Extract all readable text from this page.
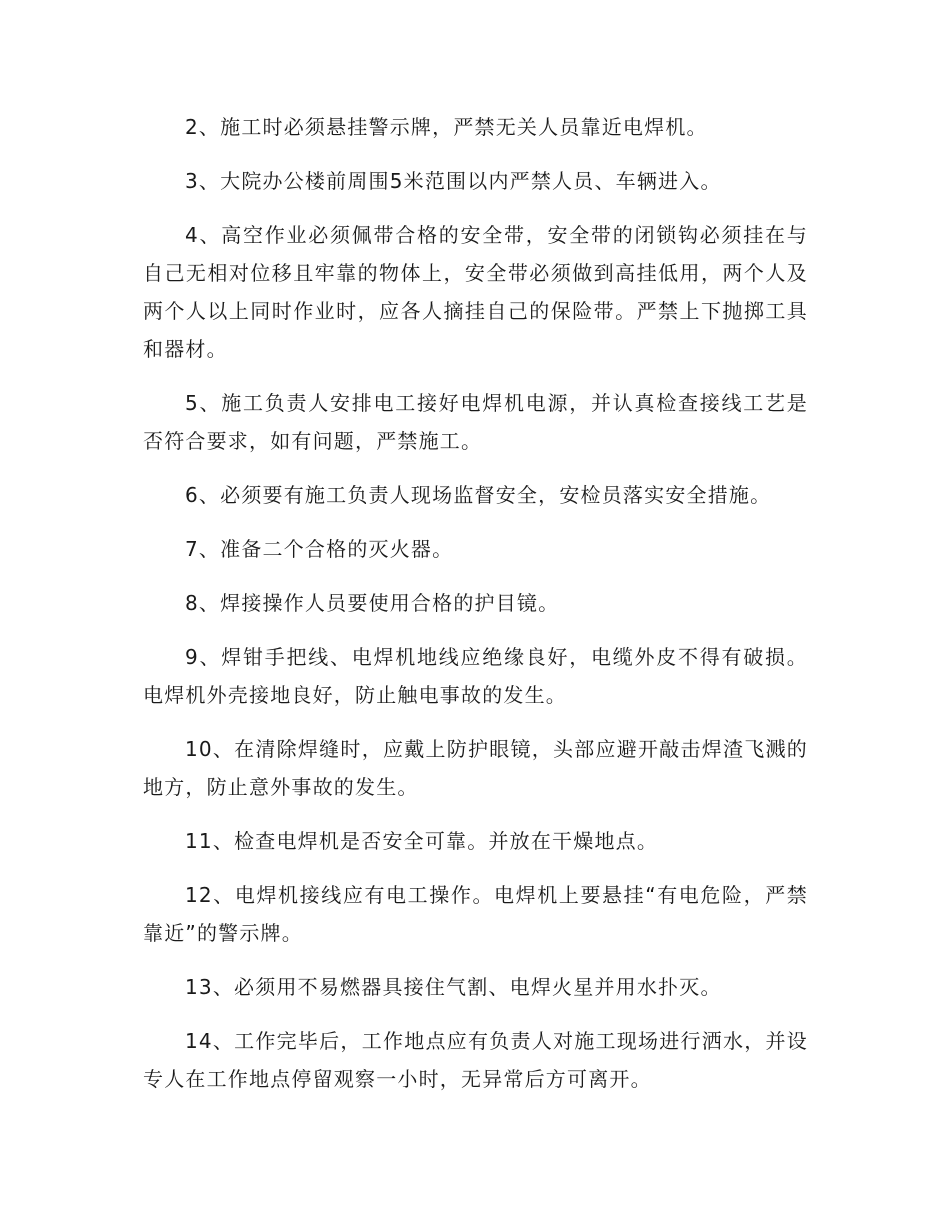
2、施工时必须悬挂警示牌，严禁无关人员靠近电焊机。

3、大院办公楼前周围5米范围以内严禁人员、车辆进入。

4、高空作业必须佩带合格的安全带，安全带的闭锁钩必须挂在与自己无相对位移且牢靠的物体上，安全带必须做到高挂低用，两个人及两个人以上同时作业时，应各人摘挂自己的保险带。严禁上下抛掷工具和器材。

5、施工负责人安排电工接好电焊机电源，并认真检查接线工艺是否符合要求，如有问题，严禁施工。

6、必须要有施工负责人现场监督安全，安检员落实安全措施。

7、准备二个合格的灭火器。

8、焊接操作人员要使用合格的护目镜。

9、焊钳手把线、电焊机地线应绝缘良好，电缆外皮不得有破损。电焊机外壳接地良好，防止触电事故的发生。

10、在清除焊缝时，应戴上防护眼镜，头部应避开敲击焊渣飞溅的地方，防止意外事故的发生。

11、检查电焊机是否安全可靠。并放在干燥地点。

12、电焊机接线应有电工操作。电焊机上要悬挂“有电危险，严禁靠近”的警示牌。

13、必须用不易燃器具接住气割、电焊火星并用水扑灭。

14、工作完毕后，工作地点应有负责人对施工现场进行洒水，并设专人在工作地点停留观察一小时，无异常后方可离开。
